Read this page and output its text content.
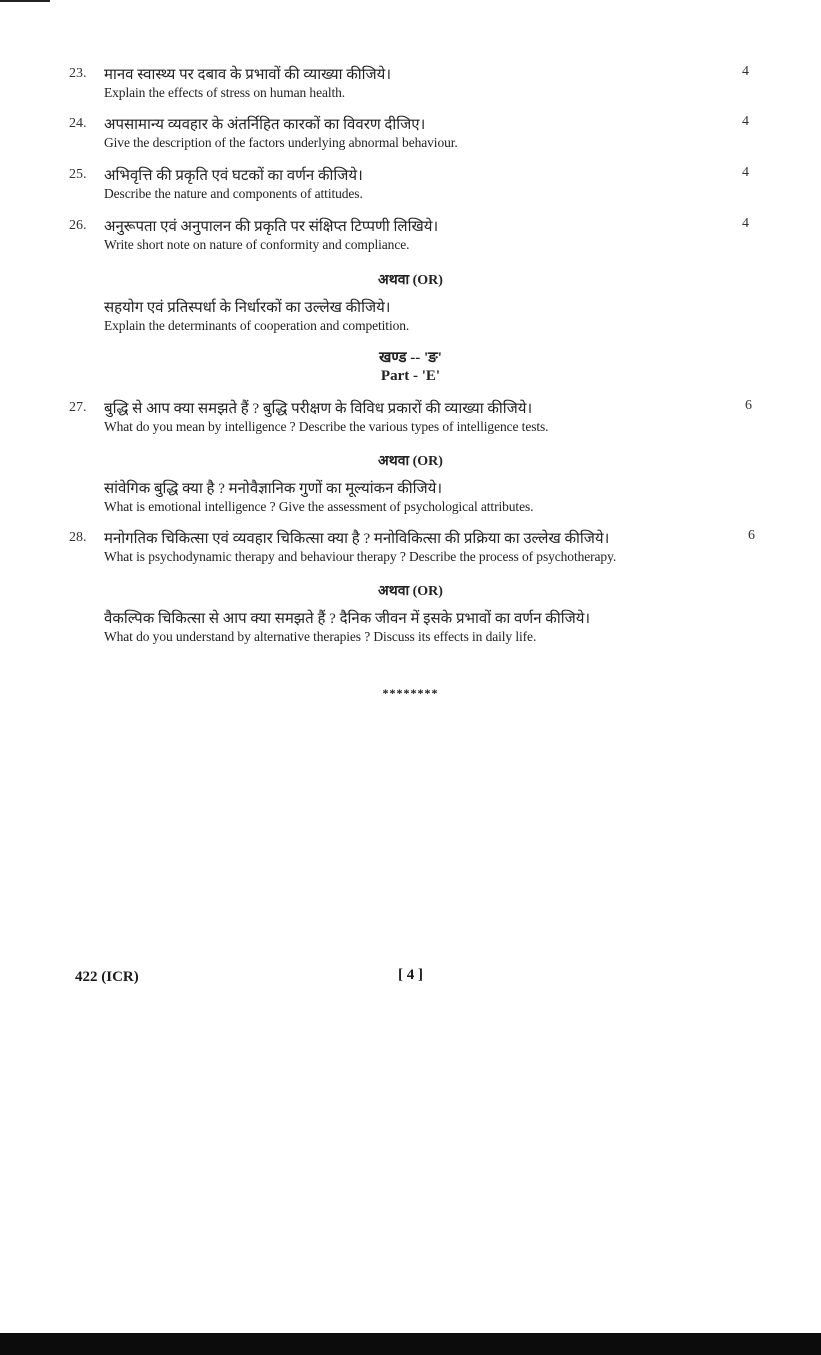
23. मानव स्वास्थ्य पर दबाव के प्रभावों की व्याख्या कीजिये।
Explain the effects of stress on human health.
4
24. अपसामान्य व्यवहार के अंतर्निहित कारकों का विवरण दीजिए।
Give the description of the factors underlying abnormal behaviour.
4
25. अभिवृत्ति की प्रकृति एवं घटकों का वर्णन कीजिये।
Describe the nature and components of attitudes.
4
26. अनुरूपता एवं अनुपालन की प्रकृति पर संक्षिप्त टिप्पणी लिखिये।
Write short note on nature of conformity and compliance.
4
अथवा (OR)
सहयोग एवं प्रतिस्पर्धा के निर्धारकों का उल्लेख कीजिये।
Explain the determinants of cooperation and competition.
खण्ड -- 'ङ'
Part - 'E'
27. बुद्धि से आप क्या समझते हैं ? बुद्धि परीक्षण के विविध प्रकारों की व्याख्या कीजिये।
What do you mean by intelligence ? Describe the various types of intelligence tests.
6
अथवा (OR)
सांवेगिक बुद्धि क्या है ? मनोवैज्ञानिक गुणों का मूल्यांकन कीजिये।
What is emotional intelligence ? Give the assessment of psychological attributes.
28. मनोगतिक चिकित्सा एवं व्यवहार चिकित्सा क्या है ? मनोविकित्सा की प्रक्रिया का उल्लेख कीजिये।
What is psychodynamic therapy and behaviour therapy ? Describe the process of psychotherapy.
6
अथवा (OR)
वैकल्पिक चिकित्सा से आप क्या समझते हैं ? दैनिक जीवन में इसके प्रभावों का वर्णन कीजिये।
What do you understand by alternative therapies ? Discuss its effects in daily life.
********
422 (ICR)	[ 4 ]
